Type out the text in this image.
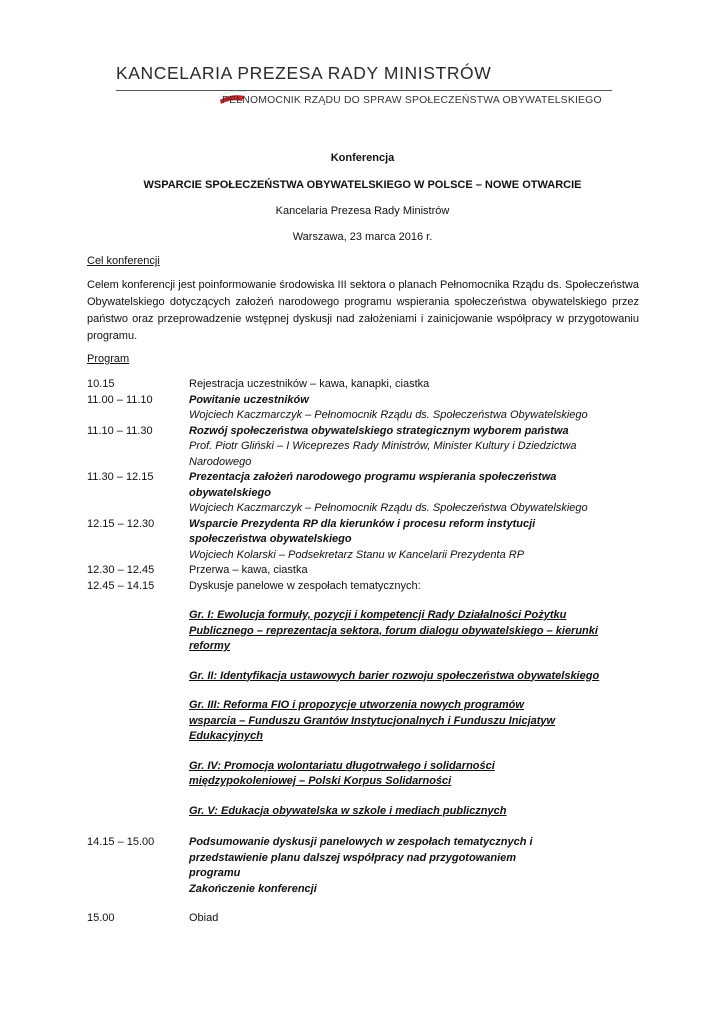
KANCELARIA PREZESA RADY MINISTRÓW
PEŁNOMOCNIK RZĄDU DO SPRAW SPOŁECZEŃSTWA OBYWATELSKIEGO
Konferencja
WSPARCIE SPOŁECZEŃSTWA OBYWATELSKIEGO W POLSCE – NOWE OTWARCIE
Kancelaria Prezesa Rady Ministrów
Warszawa, 23 marca 2016 r.
Cel konferencji
Celem konferencji jest poinformowanie środowiska III sektora o planach Pełnomocnika Rządu ds. Społeczeństwa Obywatelskiego dotyczących założeń narodowego programu wspierania społeczeństwa obywatelskiego przez państwo oraz przeprowadzenie wstępnej dyskusji nad założeniami i zainicjowanie współpracy w przygotowaniu programu.
Program
10.15	Rejestracja uczestników – kawa, kanapki, ciastka
11.00 – 11.10	Powitanie uczestników
Wojciech Kaczmarczyk – Pełnomocnik Rządu ds. Społeczeństwa Obywatelskiego
11.10 – 11.30	Rozwój społeczeństwa obywatelskiego strategicznym wyborem państwa
Prof. Piotr Gliński – I Wiceprezes Rady Ministrów, Minister Kultury i Dziedzictwa Narodowego
11.30 – 12.15	Prezentacja założeń narodowego programu wspierania społeczeństwa obywatelskiego
Wojciech Kaczmarczyk – Pełnomocnik Rządu ds. Społeczeństwa Obywatelskiego
12.15 – 12.30	Wsparcie Prezydenta RP dla kierunków i procesu reform instytucji społeczeństwa obywatelskiego
Wojciech Kolarski – Podsekretarz Stanu w Kancelarii Prezydenta RP
12.30 – 12.45	Przerwa – kawa, ciastka
12.45 – 14.15	Dyskusje panelowe w zespołach tematycznych:
Gr. I: Ewolucja formuły, pozycji i kompetencji Rady Działalności Pożytku Publicznego – reprezentacja sektora, forum dialogu obywatelskiego – kierunki reformy
Gr. II: Identyfikacja ustawowych barier rozwoju społeczeństwa obywatelskiego
Gr. III: Reforma FIO i propozycje utworzenia nowych programów wsparcia – Funduszu Grantów Instytucjonalnych i Funduszu Inicjatyw Edukacyjnych
Gr. IV: Promocja wolontariatu długotrwałego i solidarności międzypokoleniowej – Polski Korpus Solidarności
Gr. V: Edukacja obywatelska w szkole i mediach publicznych
14.15 – 15.00	Podsumowanie dyskusji panelowych w zespołach tematycznych i przedstawienie planu dalszej współpracy nad przygotowaniem programu
Zakończenie konferencji
15.00	Obiad
